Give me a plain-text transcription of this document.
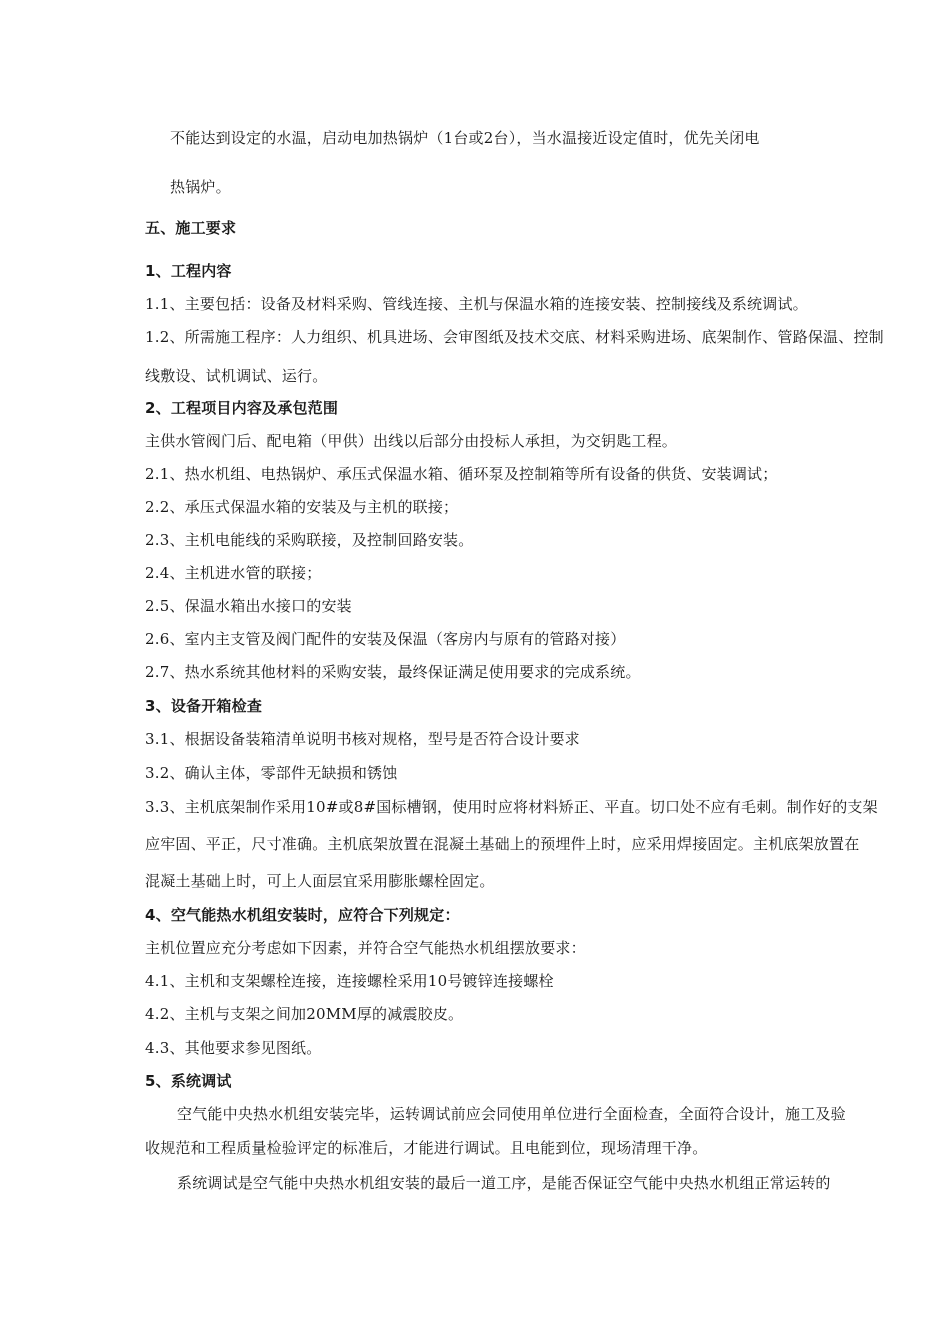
不能达到设定的水温，启动电加热锅炉（1台或2台），当水温接近设定值时，优先关闭电
热锅炉。
五、施工要求
1、工程内容
1.1、主要包括：设备及材料采购、管线连接、主机与保温水箱的连接安装、控制接线及系统调试。
1.2、所需施工程序：人力组织、机具进场、会审图纸及技术交底、材料采购进场、底架制作、管路保温、控制
线敷设、试机调试、运行。
2、工程项目内容及承包范围
主供水管阀门后、配电箱（甲供）出线以后部分由投标人承担，为交钥匙工程。
2.1、热水机组、电热锅炉、承压式保温水箱、循环泵及控制箱等所有设备的供货、安装调试；
2.2、承压式保温水箱的安装及与主机的联接；
2.3、主机电能线的采购联接，及控制回路安装。
2.4、主机进水管的联接；
2.5、保温水箱出水接口的安装
2.6、室内主支管及阀门配件的安装及保温（客房内与原有的管路对接）
2.7、热水系统其他材料的采购安装，最终保证满足使用要求的完成系统。
3、设备开箱检查
3.1、根据设备装箱清单说明书核对规格，型号是否符合设计要求
3.2、确认主体，零部件无缺损和锈蚀
3.3、主机底架制作采用10#或8#国标槽钢，使用时应将材料矫正、平直。切口处不应有毛刺。制作好的支架
应牢固、平正，尺寸准确。主机底架放置在混凝土基础上的预埋件上时，应采用焊接固定。主机底架放置在
混凝土基础上时，可上人面层宜采用膨胀螺栓固定。
4、空气能热水机组安装时，应符合下列规定：
主机位置应充分考虑如下因素，并符合空气能热水机组摆放要求：
4.1、主机和支架螺栓连接，连接螺栓采用10号镀锌连接螺栓
4.2、主机与支架之间加20MM厚的减震胶皮。
4.3、其他要求参见图纸。
5、系统调试
空气能中央热水机组安装完毕，运转调试前应会同使用单位进行全面检查，全面符合设计，施工及验
收规范和工程质量检验评定的标准后，才能进行调试。且电能到位，现场清理干净。
系统调试是空气能中央热水机组安装的最后一道工序，是能否保证空气能中央热水机组正常运转的
